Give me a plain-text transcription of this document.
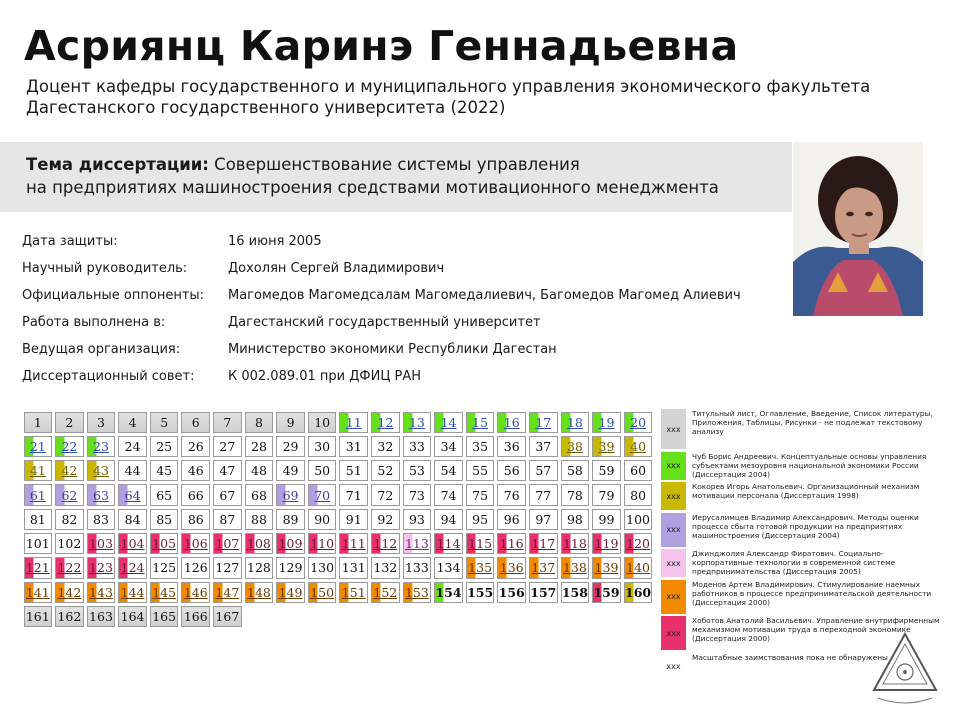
Асриянц Каринэ Геннадьевна
Доцент кафедры государственного и муниципального управления экономического факультета Дагестанского государственного университета (2022)
Тема диссертации: Совершенствование системы управления
на предприятиях машиностроения средствами мотивационного менеджмента
Дата защиты:	16 июня 2005
Научный руководитель:	Дохолян Сергей Владимирович
Официальные оппоненты: Магомедов Магомедсалам Магомедалиевич, Багомедов Магомед Алиевич
Работа выполнена в:	Дагестанский государственный университет
Ведущая организация:	Министерство экономики Республики Дагестан
Диссертационный совет:	К 002.089.01 при ДФИЦ РАН
1 2 3 4 5 6 7 8 9 10 11 12 13 14 15 16 17 18 19 20
21 22 23 24 25 26 27 28 29 30 31 32 33 34 35 36 37 38 39 40
41 42 43 44 45 46 47 48 49 50 51 52 53 54 55 56 57 58 59 60
61 62 63 64 65 66 67 68 69 70 71 72 73 74 75 76 77 78 79 80
81 82 83 84 85 86 87 88 89 90 91 92 93 94 95 96 97 98 99 100
101 102 103 104 105 106 107 108 109 110 111 112 113 114 115 116 117 118 119 120
121 122 123 124 125 126 127 128 129 130 131 132 133 134 135 136 137 138 139 140
141 142 143 144 145 146 147 148 149 150 151 152 153 154 155 156 157 158 159 160
161 162 163 164 165 166 167
xxx
Титульный лист, Оглавление, Введение, Список литературы, Приложения, Таблицы, Рисунки - не подлежат текстовому анализу
xxx
Чуб Борис Андреевич. Концептуальные основы управления субъектами мезоуровня национальной экономики России (Диссертация 2004)
xxx
Кокорев Игорь Анатольевич. Организационный механизм мотивации персонала (Диссертация 1998)
xxx
Иерусалимцев Владимир Александрович. Методы оценки процесса сбыта готовой продукции на предприятиях машиностроения (Диссертация 2004)
xxx
Джинджолия Александр Фиратович. Социально-корпоративные технологии в современной системе предпринимательства (Диссертация 2005)
xxx
Моденов Артем Владимирович. Стимулирование наемных работников в процессе предпринимательской деятельности (Диссертация 2000)
xxx
Хоботов Анатолий Васильевич. Управление внутрифирменным механизмом мотивации труда в переходной экономике (Диссертация 2000)
xxx
Масштабные заимствования пока не обнаружены
